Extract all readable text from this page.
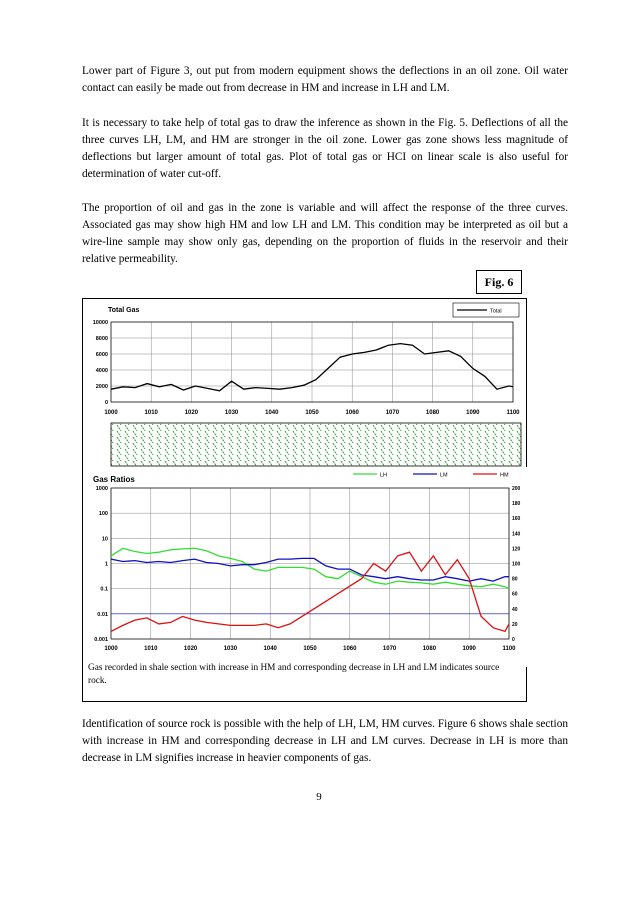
Lower part of Figure 3, out put from modern equipment shows the deflections in an oil zone. Oil water contact can easily be made out from decrease in HM and increase in LH and LM.

It is necessary to take help of total gas to draw the inference as shown in the Fig. 5. Deflections of all the three curves LH, LM, and HM are stronger in the oil zone. Lower gas zone shows less magnitude of deflections but larger amount of total gas. Plot of total gas or HCI on linear scale is also useful for determination of water cut-off.

The proportion of oil and gas in the zone is variable and will affect the response of the three curves. Associated gas may show high HM and low LH and LM. This condition may be interpreted as oil but a wire-line sample may show only gas, depending on the proportion of fluids in the reservoir and their relative permeability.

Fig. 6
1000	1010	1020	1030	1040	1050	1060	1070	1080	1090	1100
0
2000
4000
6000
8000
10000
Total Gas	Total
1000	1010	1020	1030	1040	1050	1060	1070	1080	1090	1100
0.001
0.01
0.1
1
10
100
1000
0
20
40
60
80
100
120
140
160
180
200
Gas Ratios	LH	LM	HM

Gas recorded in shale section with increase in HM and corresponding decrease in LH and LM indicates source rock.

Identification of source rock is possible with the help of LH, LM, HM curves. Figure 6 shows shale section with increase in HM and corresponding decrease in LH and LM curves. Decrease in LH is more than decrease in LM signifies increase in heavier components of gas.

9
